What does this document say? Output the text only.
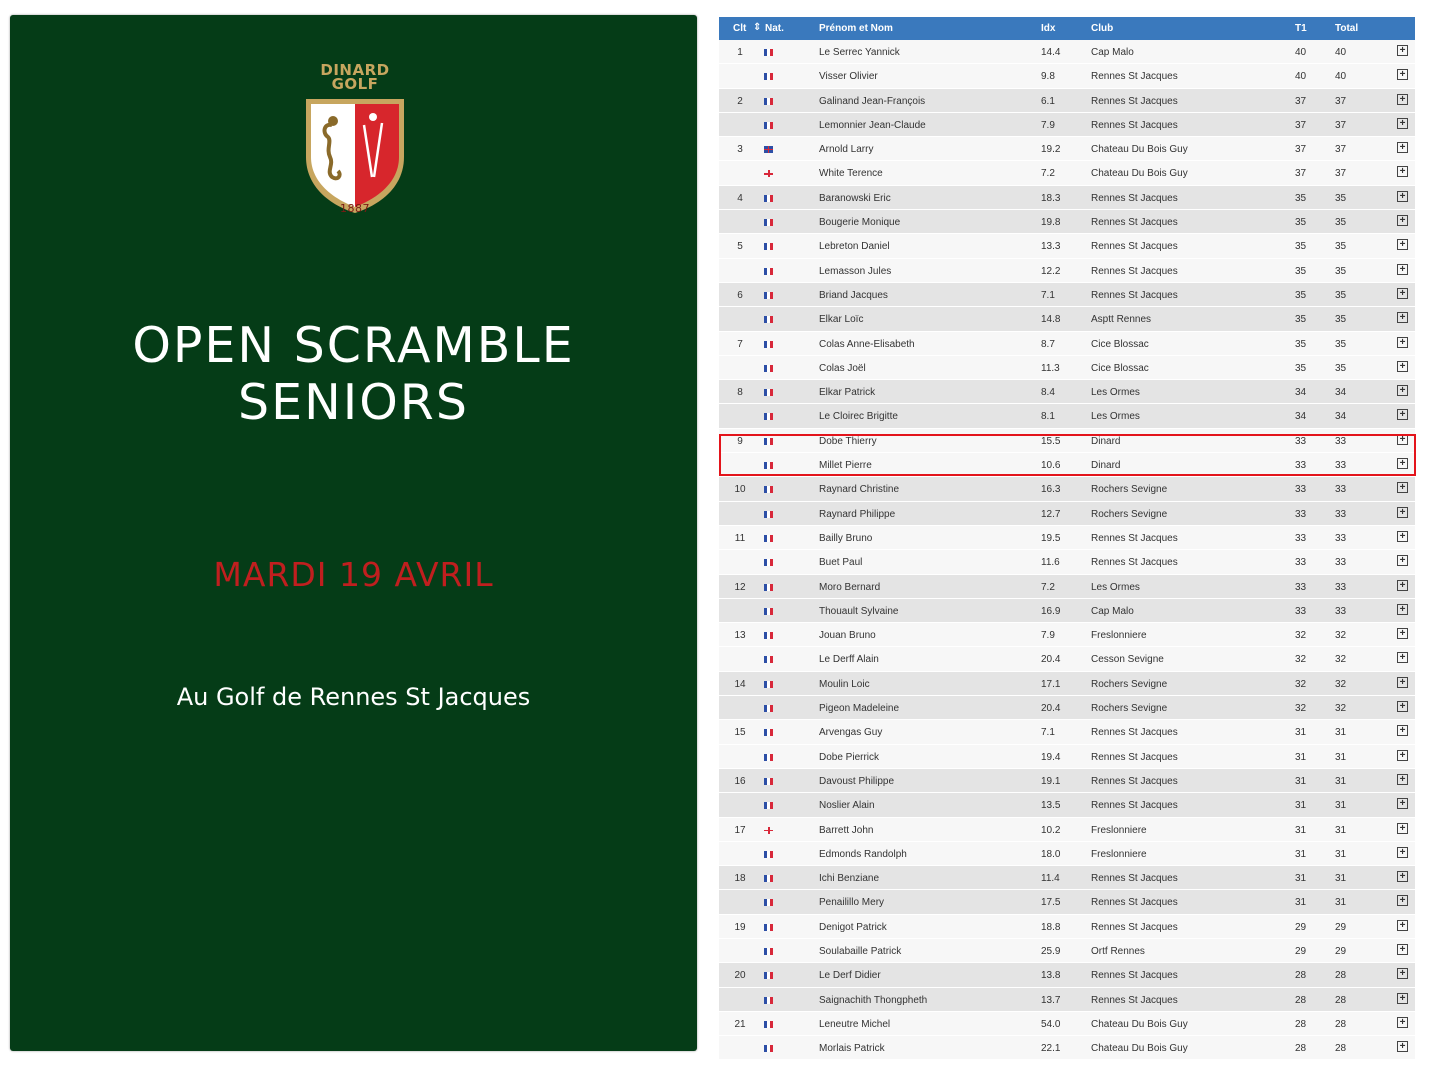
DINARD
GOLF
1887
OPEN SCRAMBLE SENIORS
MARDI 19 AVRIL
Au Golf de Rennes St Jacques
Clt ⇕ Nat.	Prénom et Nom	Idx	Club	T1	Total
1	Le Serrec Yannick	14.4	Cap Malo	40	40	+
Visser Olivier	9.8	Rennes St Jacques	40	40	+
2	Galinand Jean-François	6.1	Rennes St Jacques	37	37	+
Lemonnier Jean-Claude	7.9	Rennes St Jacques	37	37	+
3	Arnold Larry	19.2	Chateau Du Bois Guy	37	37	+
White Terence	7.2	Chateau Du Bois Guy	37	37	+
4	Baranowski Eric	18.3	Rennes St Jacques	35	35	+
Bougerie Monique	19.8	Rennes St Jacques	35	35	+
5	Lebreton Daniel	13.3	Rennes St Jacques	35	35	+
Lemasson Jules	12.2	Rennes St Jacques	35	35	+
6	Briand Jacques	7.1	Rennes St Jacques	35	35	+
Elkar Loïc	14.8	Asptt Rennes	35	35	+
7	Colas Anne-Elisabeth	8.7	Cice Blossac	35	35	+
Colas Joël	11.3	Cice Blossac	35	35	+
8	Elkar Patrick	8.4	Les Ormes	34	34	+
Le Cloirec Brigitte	8.1	Les Ormes	34	34	+
9	Dobe Thierry	15.5	Dinard	33	33	+
Millet Pierre	10.6	Dinard	33	33	+
10	Raynard Christine	16.3	Rochers Sevigne	33	33	+
Raynard Philippe	12.7	Rochers Sevigne	33	33	+
11	Bailly Bruno	19.5	Rennes St Jacques	33	33	+
Buet Paul	11.6	Rennes St Jacques	33	33	+
12	Moro Bernard	7.2	Les Ormes	33	33	+
Thouault Sylvaine	16.9	Cap Malo	33	33	+
13	Jouan Bruno	7.9	Freslonniere	32	32	+
Le Derff Alain	20.4	Cesson Sevigne	32	32	+
14	Moulin Loic	17.1	Rochers Sevigne	32	32	+
Pigeon Madeleine	20.4	Rochers Sevigne	32	32	+
15	Arvengas Guy	7.1	Rennes St Jacques	31	31	+
Dobe Pierrick	19.4	Rennes St Jacques	31	31	+
16	Davoust Philippe	19.1	Rennes St Jacques	31	31	+
Noslier Alain	13.5	Rennes St Jacques	31	31	+
17	Barrett John	10.2	Freslonniere	31	31	+
Edmonds Randolph	18.0	Freslonniere	31	31	+
18	Ichi Benziane	11.4	Rennes St Jacques	31	31	+
Penailillo Mery	17.5	Rennes St Jacques	31	31	+
19	Denigot Patrick	18.8	Rennes St Jacques	29	29	+
Soulabaille Patrick	25.9	Ortf Rennes	29	29	+
20	Le Derf Didier	13.8	Rennes St Jacques	28	28	+
Saignachith Thongpheth	13.7	Rennes St Jacques	28	28	+
21	Leneutre Michel	54.0	Chateau Du Bois Guy	28	28	+
Morlais Patrick	22.1	Chateau Du Bois Guy	28	28	+
